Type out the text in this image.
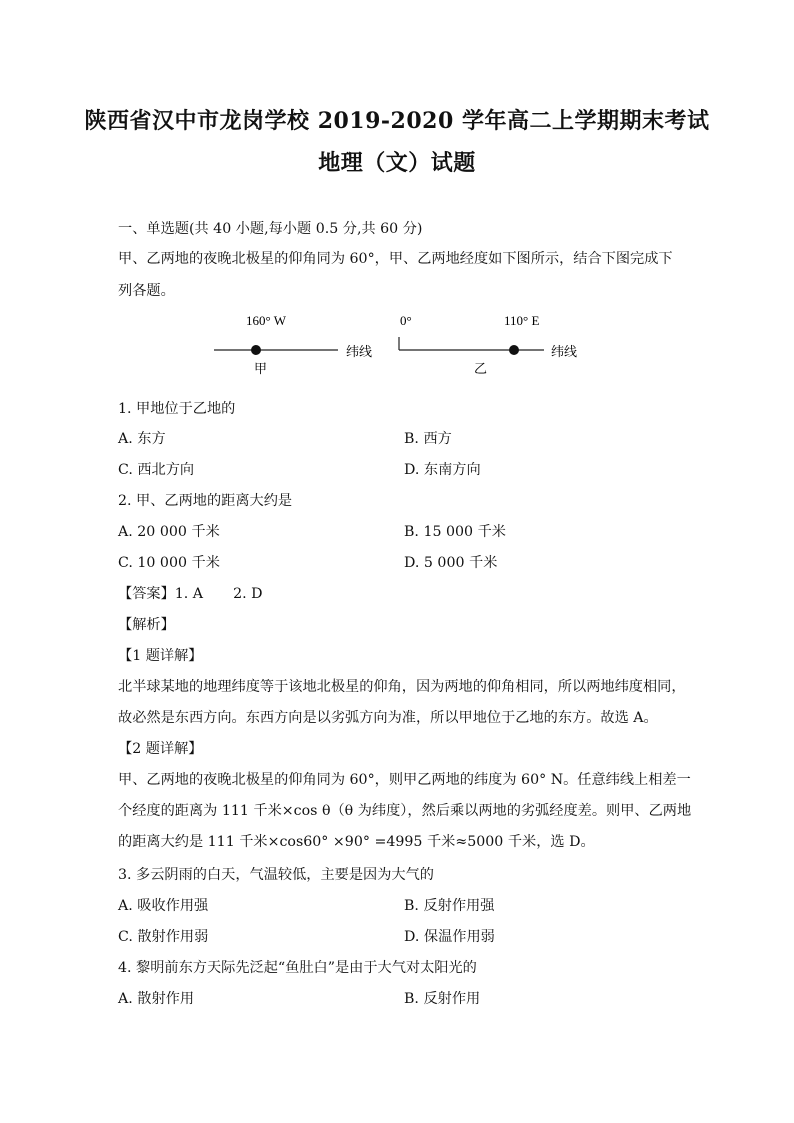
陕西省汉中市龙岗学校 2019-2020 学年高二上学期期末考试
地理（文）试题
一、单选题(共 40 小题,每小题 0.5 分,共 60 分)
甲、乙两地的夜晚北极星的仰角同为 60°，甲、乙两地经度如下图所示，结合下图完成下
列各题。
160° W
纬线
甲
0°	110° E
纬线
乙
1. 甲地位于乙地的
A. 东方	B. 西方
C. 西北方向	D. 东南方向
2. 甲、乙两地的距离大约是
A. 20 000 千米	B. 15 000 千米
C. 10 000 千米	D. 5 000 千米
【答案】1. A 2. D
【解析】
【1 题详解】
北半球某地的地理纬度等于该地北极星的仰角，因为两地的仰角相同，所以两地纬度相同，
故必然是东西方向。东西方向是以劣弧方向为准，所以甲地位于乙地的东方。故选 A。
【2 题详解】
甲、乙两地的夜晚北极星的仰角同为 60°，则甲乙两地的纬度为 60° N。任意纬线上相差一
个经度的距离为 111 千米×cos θ（θ 为纬度），然后乘以两地的劣弧经度差。则甲、乙两地
的距离大约是 111 千米×cos60° ×90° =4995 千米≈5000 千米，选 D。
3. 多云阴雨的白天，气温较低，主要是因为大气的
A. 吸收作用强	B. 反射作用强
C. 散射作用弱	D. 保温作用弱
4. 黎明前东方天际先泛起“鱼肚白”是由于大气对太阳光的
A. 散射作用	B. 反射作用
